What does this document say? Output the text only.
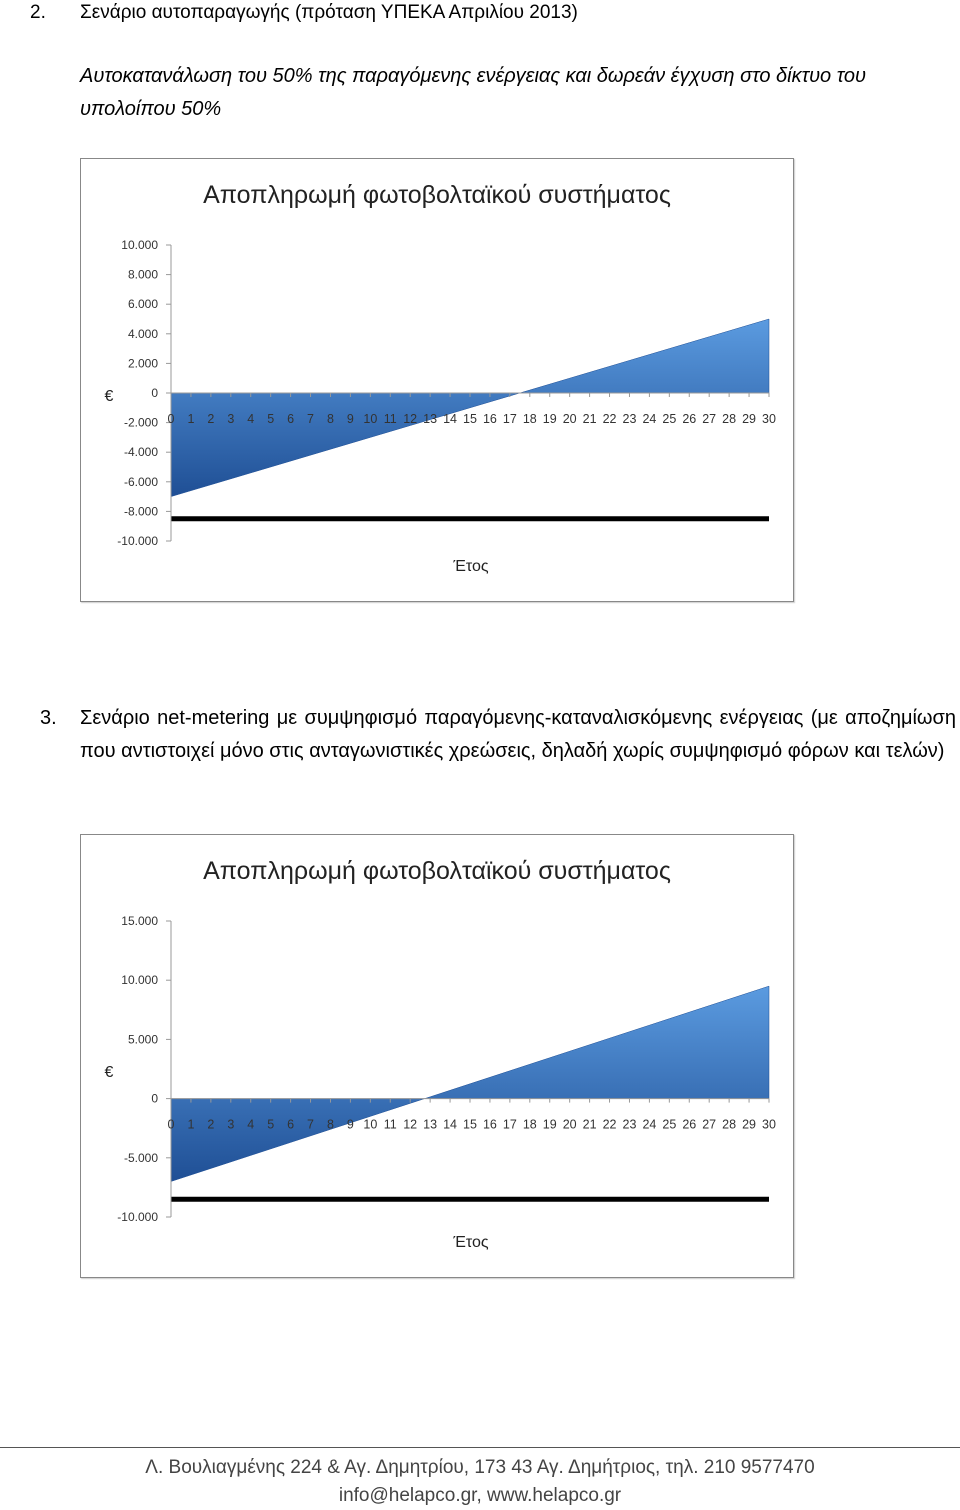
2. Σενάριο αυτοπαραγωγής (πρόταση ΥΠΕΚΑ Απριλίου 2013)
Αυτοκατανάλωση του 50% της παραγόμενης ενέργειας και δωρεάν έγχυση στο δίκτυο του υπολοίπου 50%
Αποπληρωμή φωτοβολταϊκού συστήματος
10.000
8.000
6.000
4.000
2.000
0
-2.000
-4.000
-6.000
-8.000
-10.000
0 1 2 3 4 5 6 7 8 9 10 11 12 13 14 15 16 17 18 19 20 21 22 23 24 25 26 27 28 29 30
Έτος
€
3. Σενάριο net-metering με συμψηφισμό παραγόμενης-καταναλισκόμενης ενέργειας (με αποζημίωση που αντιστοιχεί μόνο στις ανταγωνιστικές χρεώσεις, δηλαδή χωρίς συμψηφισμό φόρων και τελών)
Αποπληρωμή φωτοβολταϊκού συστήματος
15.000
10.000
5.000
0
-5.000
-10.000
0 1 2 3 4 5 6 7 8 9 10 11 12 13 14 15 16 17 18 19 20 21 22 23 24 25 26 27 28 29 30
Έτος
€
Λ. Βουλιαγμένης 224 & Αγ. Δημητρίου, 173 43 Αγ. Δημήτριος, τηλ. 210 9577470
info@helapco.gr, www.helapco.gr
